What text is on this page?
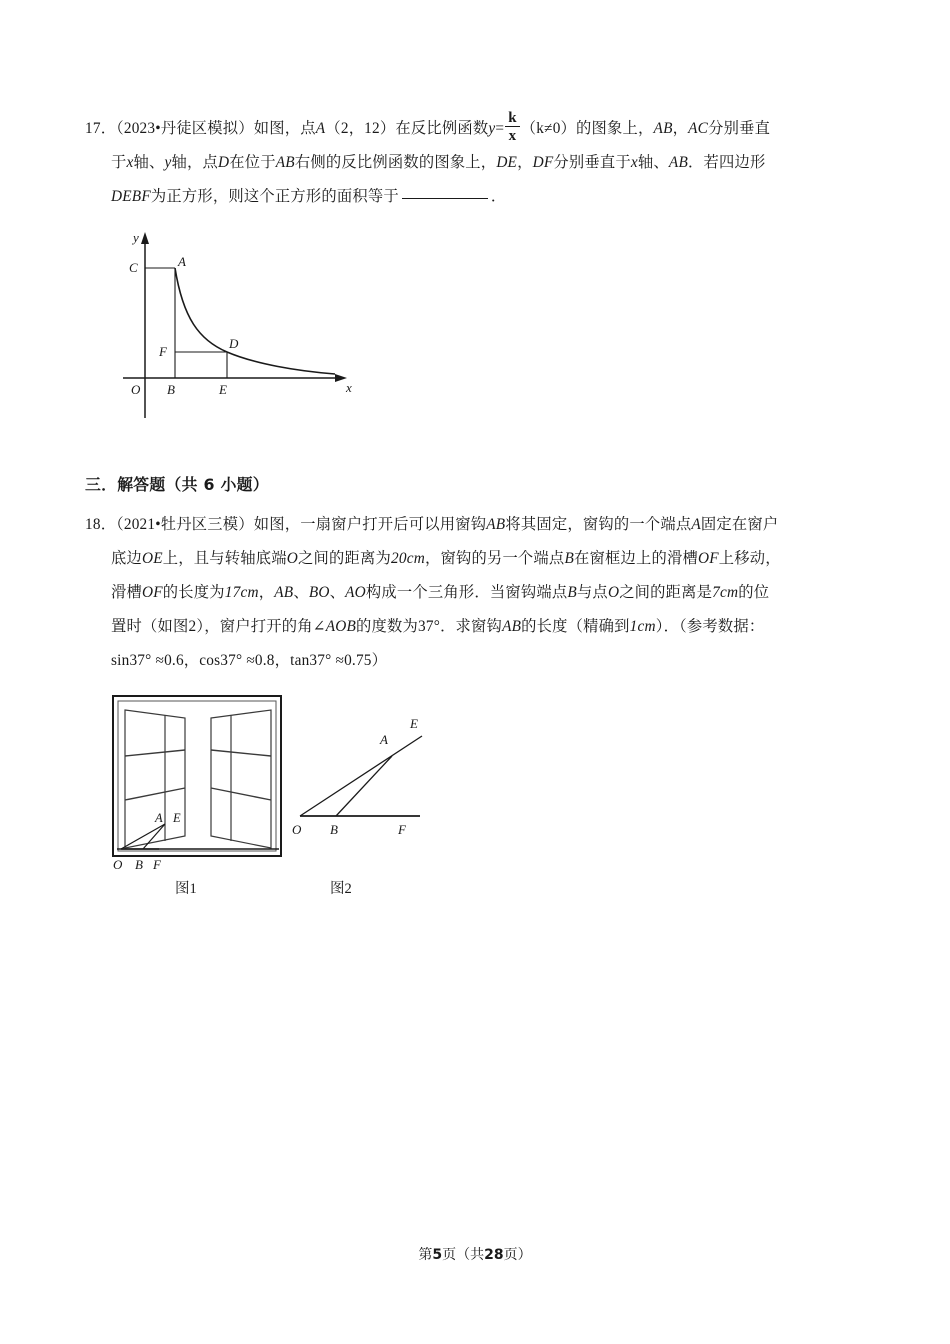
17．（2023•丹徒区模拟）如图，点A（2，12）在反比例函数$y= \frac{k}{x} (k\ne 0)$的图象上，AB，AC分别垂直
于x轴、y轴，点D在位于AB右侧的反比例函数的图象上，DE，DF分别垂直于x轴、AB．若四边形
DEBF为正方形，则这个正方形的面积等于	．
y
x
O
A
B
C
D
E
F
三．解答题（共 6 小题）
18．（2021•牡丹区三模）如图，一扇窗户打开后可以用窗钩AB将其固定，窗钩的一个端点A固定在窗户
底边OE上，且与转轴底端O之间的距离为20cm，窗钩的另一个端点B在窗框边上的滑槽OF上移动，
滑槽OF的长度为17cm，AB、BO、AO构成一个三角形．当窗钩端点B与点O之间的距离是7cm的位
置时（如图2），窗户打开的角∠AOB的度数为37°．求窗钩AB的长度（精确到1cm）．（参考数据：
sin37° ≈0.6，cos37° ≈0.8，tan37° ≈0.75）
A E
O B F
图1
A
E
O B	F
图2
第5页（共28页）
